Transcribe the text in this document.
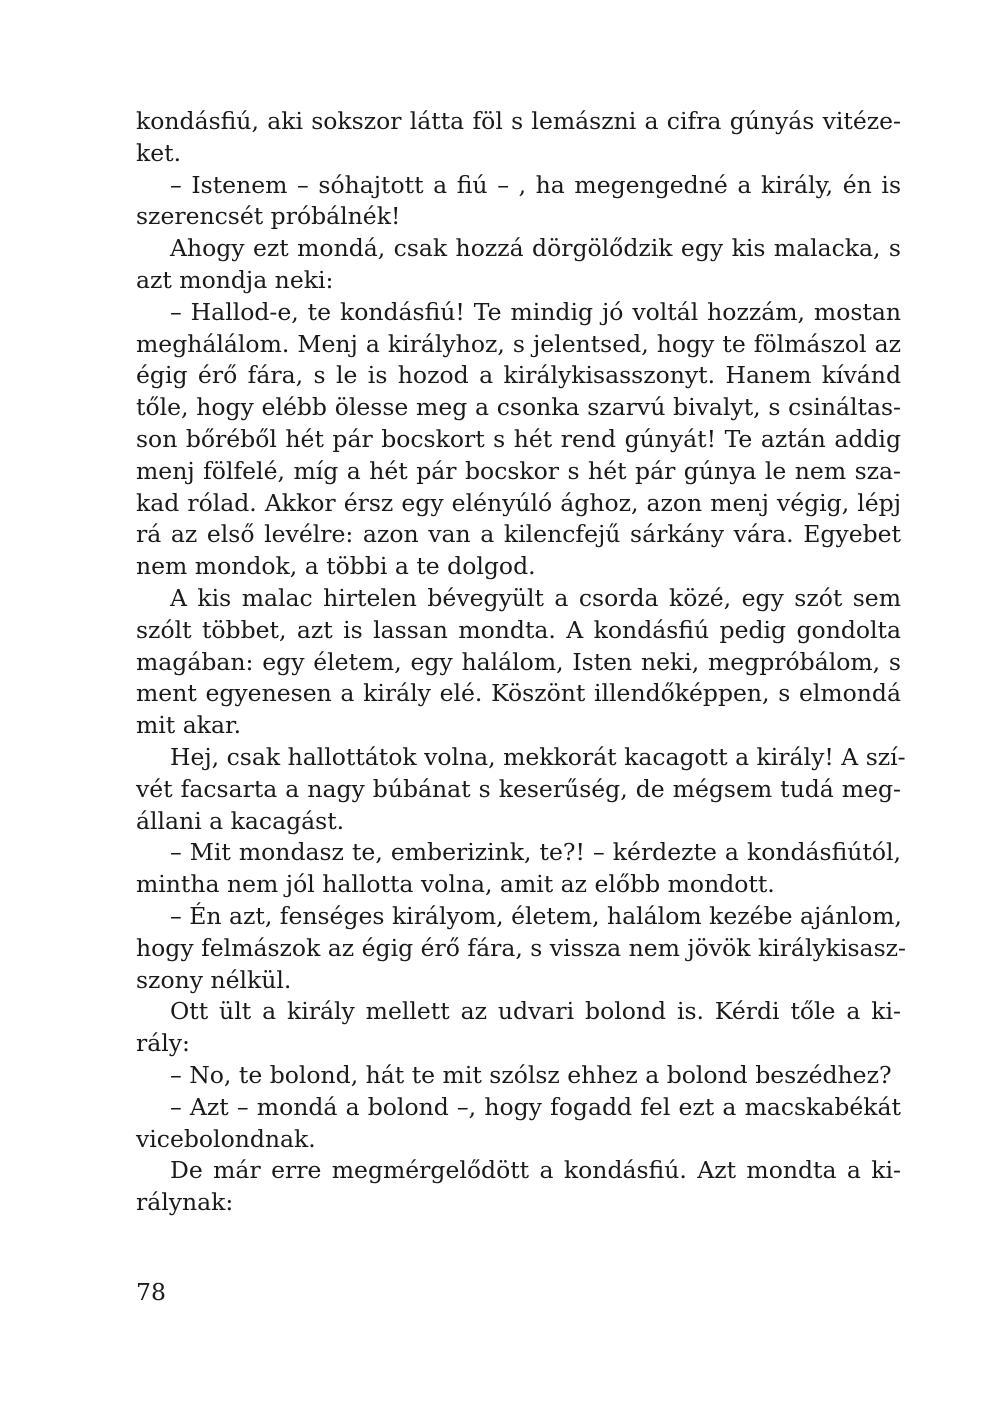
kondásfiú, aki sokszor látta föl s lemászni a cifra gúnyás vitéze-
ket.
– Istenem – sóhajtott a fiú – , ha megengedné a király, én is
szerencsét próbálnék!
Ahogy ezt mondá, csak hozzá dörgölődzik egy kis malacka, s
azt mondja neki:
– Hallod-e, te kondásfiú! Te mindig jó voltál hozzám, mostan
meghálálom. Menj a királyhoz, s jelentsed, hogy te fölmászol az
égig érő fára, s le is hozod a királykisasszonyt. Hanem kívánd
tőle, hogy elébb ölesse meg a csonka szarvú bivalyt, s csináltas-
son bőréből hét pár bocskort s hét rend gúnyát! Te aztán addig
menj fölfelé, míg a hét pár bocskor s hét pár gúnya le nem sza-
kad rólad. Akkor érsz egy elényúló ághoz, azon menj végig, lépj
rá az első levélre: azon van a kilencfejű sárkány vára. Egyebet
nem mondok, a többi a te dolgod.
A kis malac hirtelen bévegyült a csorda közé, egy szót sem
szólt többet, azt is lassan mondta. A kondásfiú pedig gondolta
magában: egy életem, egy halálom, Isten neki, megpróbálom, s
ment egyenesen a király elé. Köszönt illendőképpen, s elmondá
mit akar.
Hej, csak hallottátok volna, mekkorát kacagott a király! A szí-
vét facsarta a nagy búbánat s keserűség, de mégsem tudá meg-
állani a kacagást.
– Mit mondasz te, emberizink, te?! – kérdezte a kondásfiútól,
mintha nem jól hallotta volna, amit az előbb mondott.
– Én azt, fenséges királyom, életem, halálom kezébe ajánlom,
hogy felmászok az égig érő fára, s vissza nem jövök királykisasz-
szony nélkül.
Ott ült a király mellett az udvari bolond is. Kérdi tőle a ki-
rály:
– No, te bolond, hát te mit szólsz ehhez a bolond beszédhez?
– Azt – mondá a bolond –, hogy fogadd fel ezt a macskabékát
vicebolondnak.
De már erre megmérgelődött a kondásfiú. Azt mondta a ki-
rálynak:
78
